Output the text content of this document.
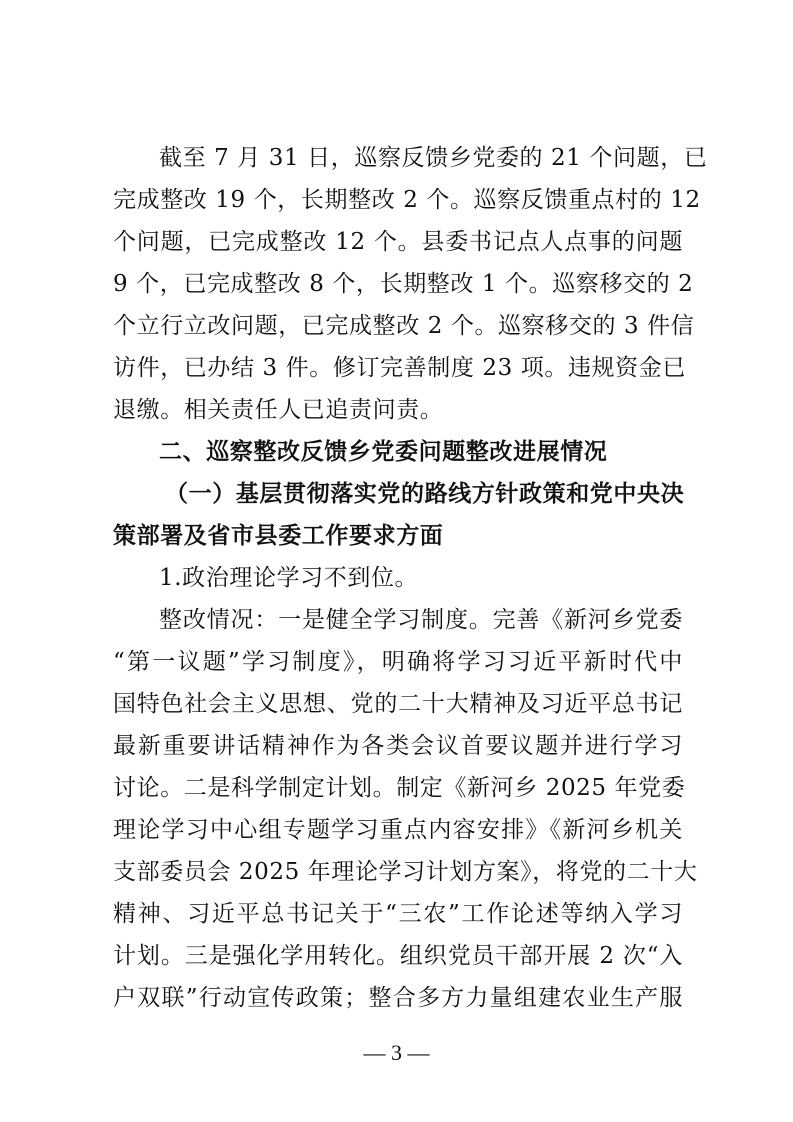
截至 7 月 31 日，巡察反馈乡党委的 21 个问题，已
完成整改 19 个，长期整改 2 个。巡察反馈重点村的 12
个问题，已完成整改 12 个。县委书记点人点事的问题
9 个，已完成整改 8 个，长期整改 1 个。巡察移交的 2
个立行立改问题，已完成整改 2 个。巡察移交的 3 件信
访件，已办结 3 件。修订完善制度 23 项。违规资金已
退缴。相关责任人已追责问责。
二、巡察整改反馈乡党委问题整改进展情况
（一）基层贯彻落实党的路线方针政策和党中央决
策部署及省市县委工作要求方面
1.政治理论学习不到位。
整改情况：一是健全学习制度。完善《新河乡党委
“第一议题”学习制度》，明确将学习习近平新时代中
国特色社会主义思想、党的二十大精神及习近平总书记
最新重要讲话精神作为各类会议首要议题并进行学习
讨论。二是科学制定计划。制定《新河乡 2025 年党委
理论学习中心组专题学习重点内容安排》《新河乡机关
支部委员会 2025 年理论学习计划方案》，将党的二十大
精神、习近平总书记关于“三农”工作论述等纳入学习
计划。三是强化学用转化。组织党员干部开展 2 次“入
户双联”行动宣传政策；整合多方力量组建农业生产服
— 3 —
